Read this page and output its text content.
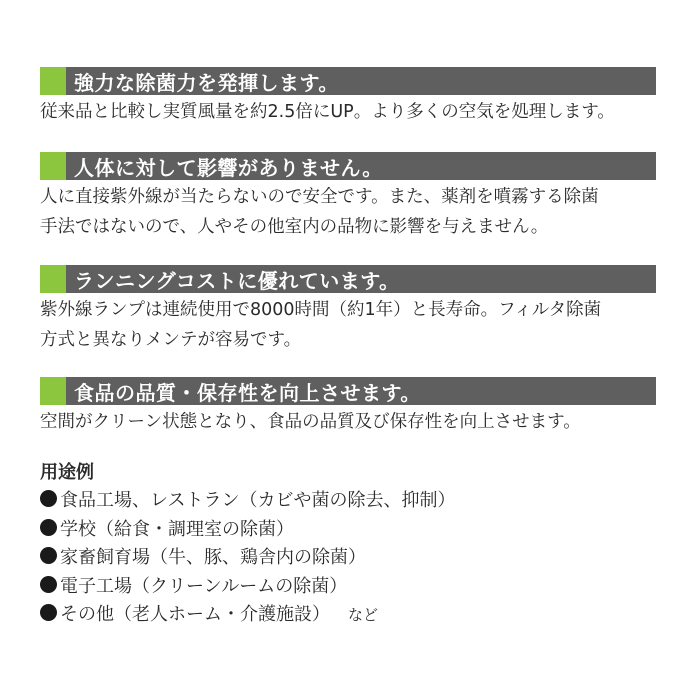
強力な除菌力を発揮します。
従来品と比較し実質風量を約2.5倍にUP。より多くの空気を処理します。
人体に対して影響がありません。
人に直接紫外線が当たらないので安全です。また、薬剤を噴霧する除菌
手法ではないので、人やその他室内の品物に影響を与えません。
ランニングコストに優れています。
紫外線ランプは連続使用で8000時間（約1年）と長寿命。フィルタ除菌
方式と異なりメンテが容易です。
食品の品質・保存性を向上させます。
空間がクリーン状態となり、食品の品質及び保存性を向上させます。
用途例
食品工場、レストラン（カビや菌の除去、抑制）
学校（給食・調理室の除菌）
家畜飼育場（牛、豚、鶏舎内の除菌）
電子工場（クリーンルームの除菌）
その他（老人ホーム・介護施設） など
